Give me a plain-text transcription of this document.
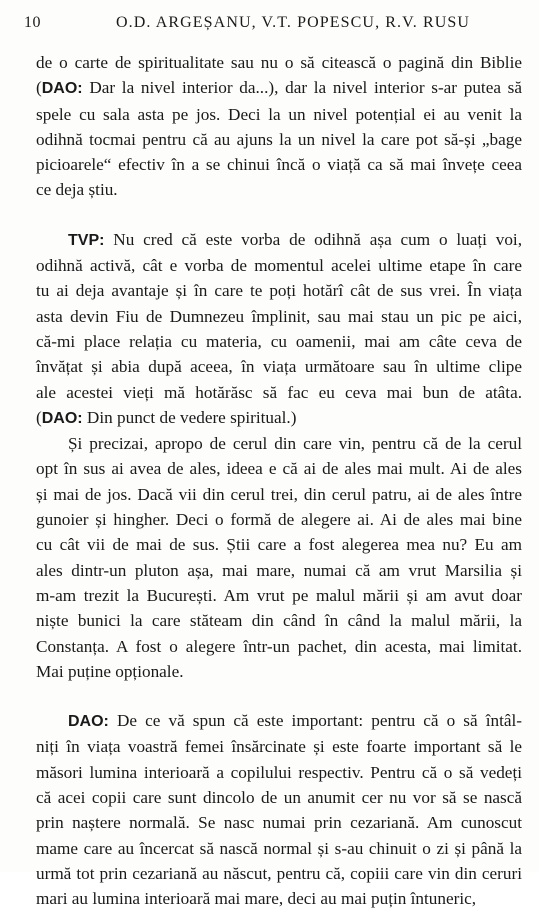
10	O.D. ARGEȘANU, V.T. POPESCU, R.V. RUSU
de o carte de spiritualitate sau nu o să citească o pagină din Biblie
(DAO: Dar la nivel interior da...), dar la nivel interior s-ar putea să
spele cu sala asta pe jos. Deci la un nivel potențial ei au venit la
odihnă tocmai pentru că au ajuns la un nivel la care pot să-și „bage
picioarele“ efectiv în a se chinui încă o viață ca să mai învețe ceea
ce deja știu.
TVP: Nu cred că este vorba de odihnă așa cum o luați voi,
odihnă activă, cât e vorba de momentul acelei ultime etape în care
tu ai deja avantaje și în care te poți hotărî cât de sus vrei. În viața
asta devin Fiu de Dumnezeu împlinit, sau mai stau un pic pe aici,
că-mi place relația cu materia, cu oamenii, mai am câte ceva de
învățat și abia după aceea, în viața următoare sau în ultime clipe
ale acestei vieți mă hotărăsc să fac eu ceva mai bun de atâta.
(DAO: Din punct de vedere spiritual.)
Și precizai, apropo de cerul din care vin, pentru că de la cerul
opt în sus ai avea de ales, ideea e că ai de ales mai mult. Ai de ales
și mai de jos. Dacă vii din cerul trei, din cerul patru, ai de ales între
gunoier și hingher. Deci o formă de alegere ai. Ai de ales mai bine
cu cât vii de mai de sus. Știi care a fost alegerea mea nu? Eu am
ales dintr-un pluton așa, mai mare, numai că am vrut Marsilia și
m-am trezit la București. Am vrut pe malul mării și am avut doar
niște bunici la care stăteam din când în când la malul mării, la
Constanța. A fost o alegere într-un pachet, din acesta, mai limitat.
Mai puține opționale.
DAO: De ce vă spun că este important: pentru că o să întâl-
niți în viața voastră femei însărcinate și este foarte important să le
măsori lumina interioară a copilului respectiv. Pentru că o să vedeți
că acei copii care sunt dincolo de un anumit cer nu vor să se nască
prin naștere normală. Se nasc numai prin cezariană. Am cunoscut
mame care au încercat să nască normal și s-au chinuit o zi și până la
urmă tot prin cezariană au născut, pentru că, copiii care vin din ceruri
mari au lumina interioară mai mare, deci au mai puțin întuneric,
